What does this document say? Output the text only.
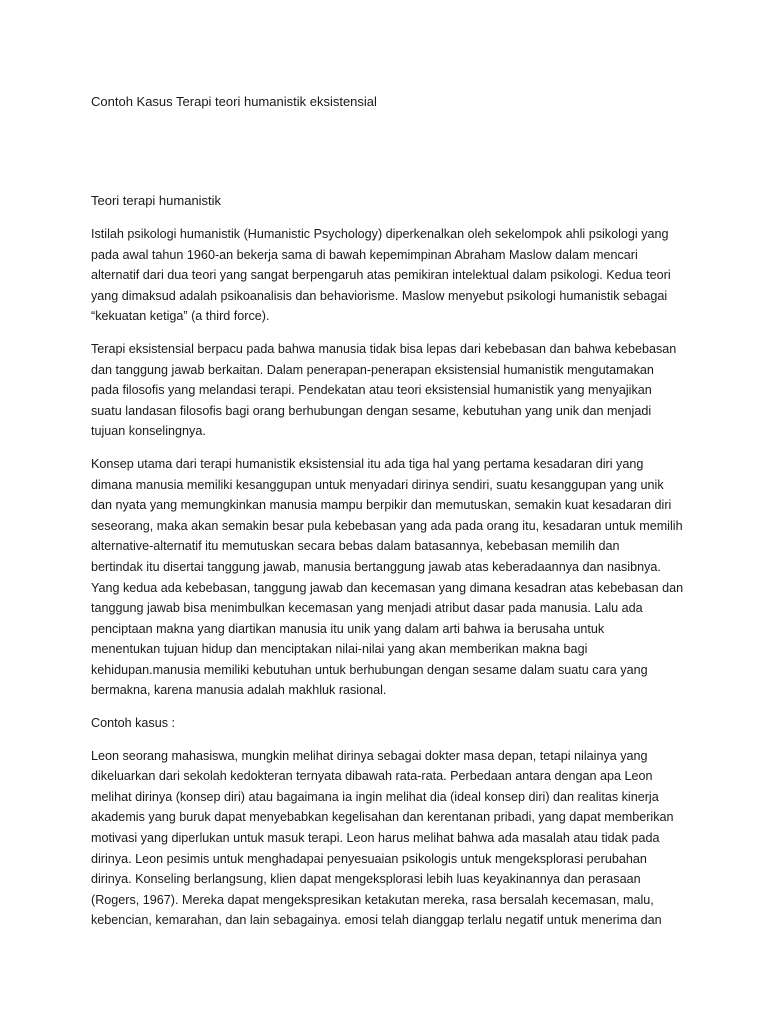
Contoh Kasus Terapi teori humanistik eksistensial
Teori terapi humanistik

Istilah psikologi humanistik (Humanistic Psychology) diperkenalkan oleh sekelompok ahli psikologi yang
pada awal tahun 1960-an bekerja sama di bawah kepemimpinan Abraham Maslow dalam mencari
alternatif dari dua teori yang sangat berpengaruh atas pemikiran intelektual dalam psikologi. Kedua teori
yang dimaksud adalah psikoanalisis dan behaviorisme. Maslow menyebut psikologi humanistik sebagai
“kekuatan ketiga” (a third force).

Terapi eksistensial berpacu pada bahwa manusia tidak bisa lepas dari kebebasan dan bahwa kebebasan
dan tanggung jawab berkaitan. Dalam penerapan-penerapan eksistensial humanistik mengutamakan
pada filosofis yang melandasi terapi. Pendekatan atau teori eksistensial humanistik yang menyajikan
suatu landasan filosofis bagi orang berhubungan dengan sesame, kebutuhan yang unik dan menjadi
tujuan konselingnya.

Konsep utama dari terapi humanistik eksistensial itu ada tiga hal yang pertama kesadaran diri yang
dimana manusia memiliki kesanggupan untuk menyadari dirinya sendiri, suatu kesanggupan yang unik
dan nyata yang memungkinkan manusia mampu berpikir dan memutuskan, semakin kuat kesadaran diri
seseorang, maka akan semakin besar pula kebebasan yang ada pada orang itu, kesadaran untuk memilih
alternative-alternatif itu memutuskan secara bebas dalam batasannya, kebebasan memilih dan
bertindak itu disertai tanggung jawab, manusia bertanggung jawab atas keberadaannya dan nasibnya.
Yang kedua ada kebebasan, tanggung jawab dan kecemasan yang dimana kesadran atas kebebasan dan
tanggung jawab bisa menimbulkan kecemasan yang menjadi atribut dasar pada manusia. Lalu ada
penciptaan makna yang diartikan manusia itu unik yang dalam arti bahwa ia berusaha untuk
menentukan tujuan hidup dan menciptakan nilai-nilai yang akan memberikan makna bagi
kehidupan.manusia memiliki kebutuhan untuk berhubungan dengan sesame dalam suatu cara yang
bermakna, karena manusia adalah makhluk rasional.

Contoh kasus :

Leon seorang mahasiswa, mungkin melihat dirinya sebagai dokter masa depan, tetapi nilainya yang
dikeluarkan dari sekolah kedokteran ternyata dibawah rata-rata. Perbedaan antara dengan apa Leon
melihat dirinya (konsep diri) atau bagaimana ia ingin melihat dia (ideal konsep diri) dan realitas kinerja
akademis yang buruk dapat menyebabkan kegelisahan dan kerentanan pribadi, yang dapat memberikan
motivasi yang diperlukan untuk masuk terapi. Leon harus melihat bahwa ada masalah atau tidak pada
dirinya. Leon pesimis untuk menghadapai penyesuaian psikologis untuk mengeksplorasi perubahan
dirinya. Konseling berlangsung, klien dapat mengeksplorasi lebih luas keyakinannya dan perasaan
(Rogers, 1967). Mereka dapat mengekspresikan ketakutan mereka, rasa bersalah kecemasan, malu,
kebencian, kemarahan, dan lain sebagainya. emosi telah dianggap terlalu negatif untuk menerima dan
